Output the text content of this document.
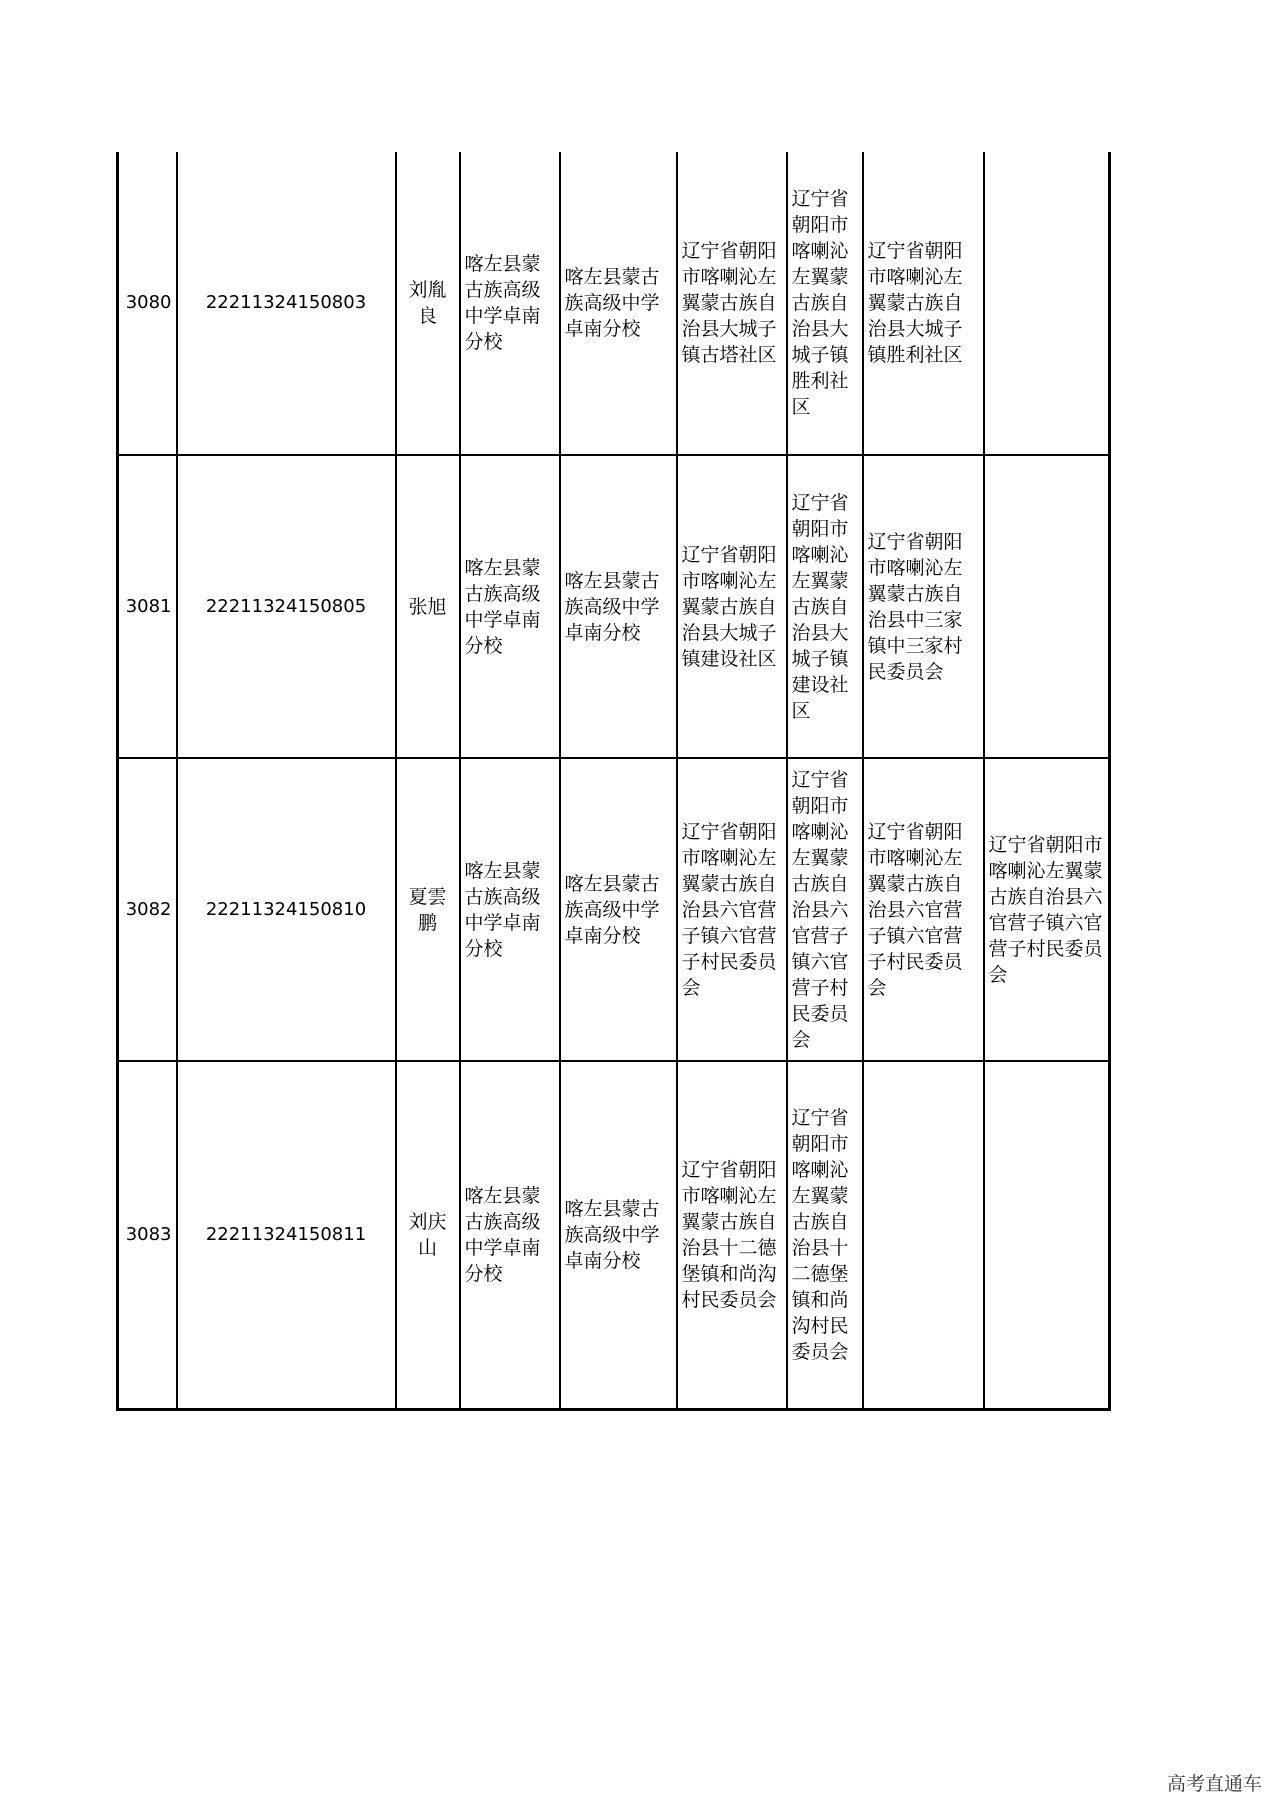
3080	22211324150803	刘胤良	喀左县蒙古族高级中学卓南分校	喀左县蒙古族高级中学卓南分校	辽宁省朝阳市喀喇沁左翼蒙古族自治县大城子镇古塔社区	辽宁省朝阳市喀喇沁左翼蒙古族自治县大城子镇胜利社区	辽宁省朝阳市喀喇沁左翼蒙古族自治县大城子镇胜利社区	
3081	22211324150805	张旭	喀左县蒙古族高级中学卓南分校	喀左县蒙古族高级中学卓南分校	辽宁省朝阳市喀喇沁左翼蒙古族自治县大城子镇建设社区	辽宁省朝阳市喀喇沁左翼蒙古族自治县大城子镇建设社区	辽宁省朝阳市喀喇沁左翼蒙古族自治县中三家镇中三家村民委员会	
3082	22211324150810	夏雲鹏	喀左县蒙古族高级中学卓南分校	喀左县蒙古族高级中学卓南分校	辽宁省朝阳市喀喇沁左翼蒙古族自治县六官营子镇六官营子村民委员会	辽宁省朝阳市喀喇沁左翼蒙古族自治县六官营子镇六官营子村民委员会	辽宁省朝阳市喀喇沁左翼蒙古族自治县六官营子镇六官营子村民委员会	辽宁省朝阳市喀喇沁左翼蒙古族自治县六官营子镇六官营子村民委员会
3083	22211324150811	刘庆山	喀左县蒙古族高级中学卓南分校	喀左县蒙古族高级中学卓南分校	辽宁省朝阳市喀喇沁左翼蒙古族自治县十二德堡镇和尚沟村民委员会	辽宁省朝阳市喀喇沁左翼蒙古族自治县十二德堡镇和尚沟村民委员会		
高考直通车
